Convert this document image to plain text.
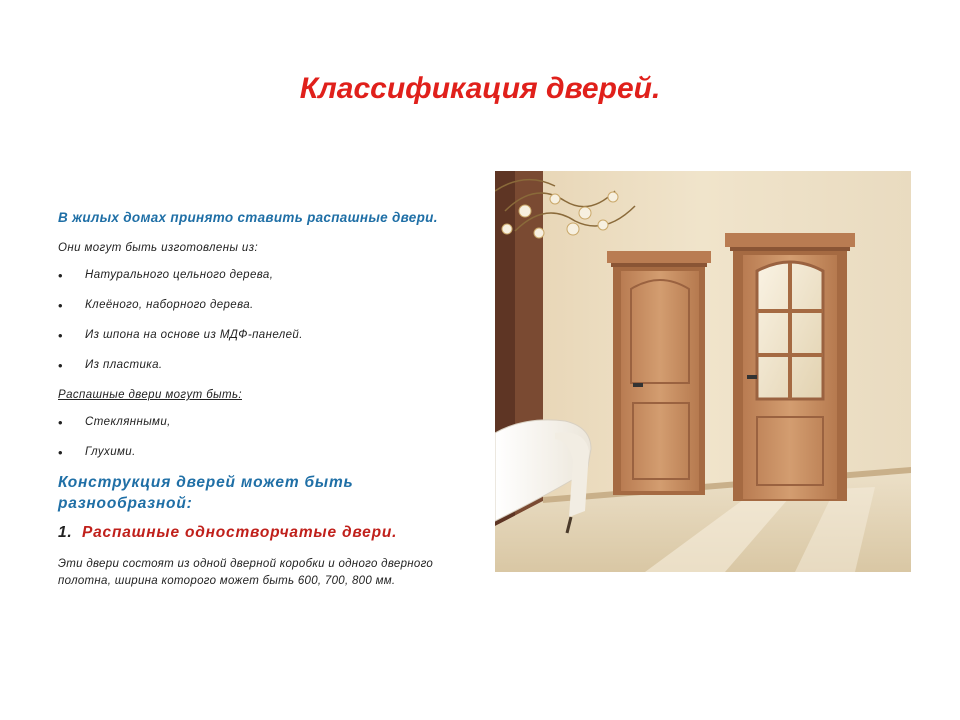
Классификация дверей.

В жилых домах принято ставить распашные двери.

Они могут быть изготовлены из:

• Натурального цельного дерева,
• Клеёного, наборного дерева.
• Из шпона на основе из МДФ-панелей.
• Из пластика.

Распашные двери могут быть:

• Стеклянными,
• Глухими.

Конструкция дверей может быть разнообразной:

1. Распашные одностворчатые двери.

Эти двери состоят из одной дверной коробки и одного дверного полотна, ширина которого может быть 600, 700, 800 мм.
